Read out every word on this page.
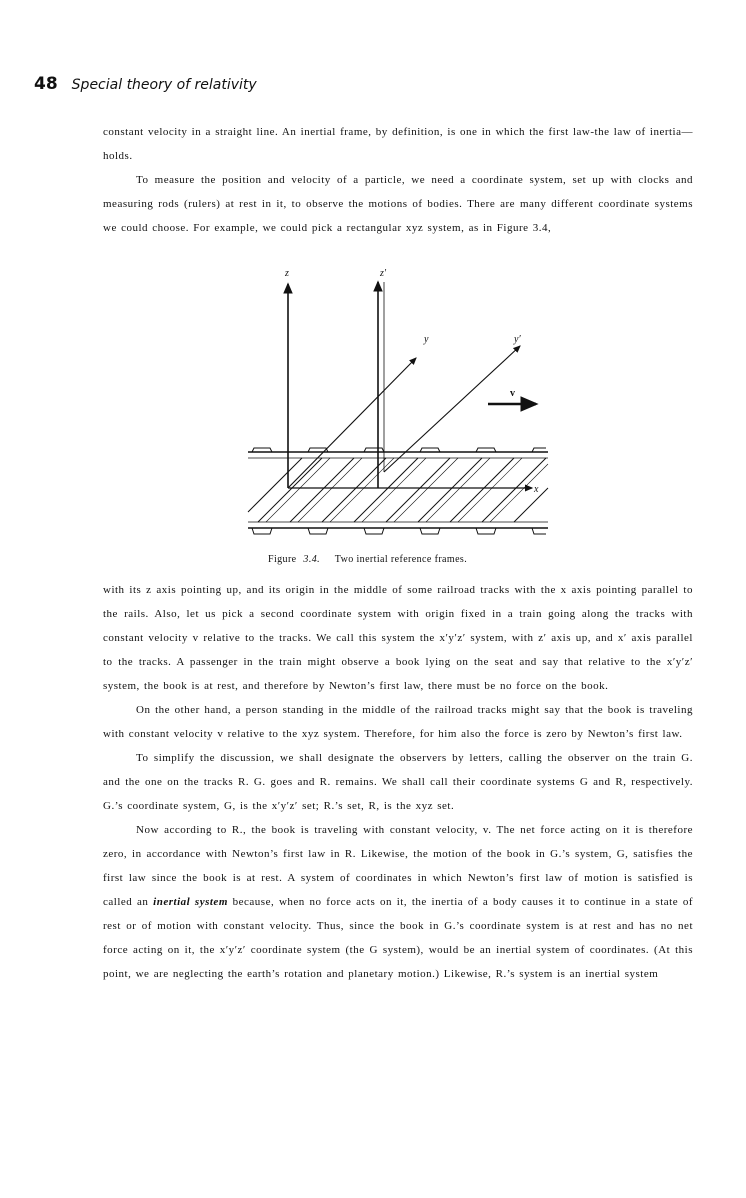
48 Special theory of relativity

constant velocity in a straight line. An inertial frame, by definition, is one in which the first law-the law of inertia—holds.

To measure the position and velocity of a particle, we need a coordinate system, set up with clocks and measuring rods (rulers) at rest in it, to observe the motions of bodies. There are many different coordinate systems we could choose. For example, we could pick a rectangular xyz system, as in Figure 3.4,

z	z′
y	y′
x
v
Figure 3.4. Two inertial reference frames.

with its z axis pointing up, and its origin in the middle of some railroad tracks with the x axis pointing parallel to the rails. Also, let us pick a second coordinate system with origin fixed in a train going along the tracks with constant velocity v relative to the tracks. We call this system the x′y′z′ system, with z′ axis up, and x′ axis parallel to the tracks. A passenger in the train might observe a book lying on the seat and say that relative to the x′y′z′ system, the book is at rest, and therefore by Newton’s first law, there must be no force on the book.

On the other hand, a person standing in the middle of the railroad tracks might say that the book is traveling with constant velocity v relative to the xyz system. Therefore, for him also the force is zero by Newton’s first law.

To simplify the discussion, we shall designate the observers by letters, calling the observer on the train G. and the one on the tracks R. G. goes and R. remains. We shall call their coordinate systems G and R, respectively. G.’s coordinate system, G, is the x′y′z′ set; R.’s set, R, is the xyz set.

Now according to R., the book is traveling with constant velocity, v. The net force acting on it is therefore zero, in accordance with Newton’s first law in R. Likewise, the motion of the book in G.’s system, G, satisfies the first law since the book is at rest. A system of coordinates in which Newton’s first law of motion is satisfied is called an inertial system because, when no force acts on it, the inertia of a body causes it to continue in a state of rest or of motion with constant velocity. Thus, since the book in G.’s coordinate system is at rest and has no net force acting on it, the x′y′z′ coordinate system (the G system), would be an inertial system of coordinates. (At this point, we are neglecting the earth’s rotation and planetary motion.) Likewise, R.’s system is an inertial system
